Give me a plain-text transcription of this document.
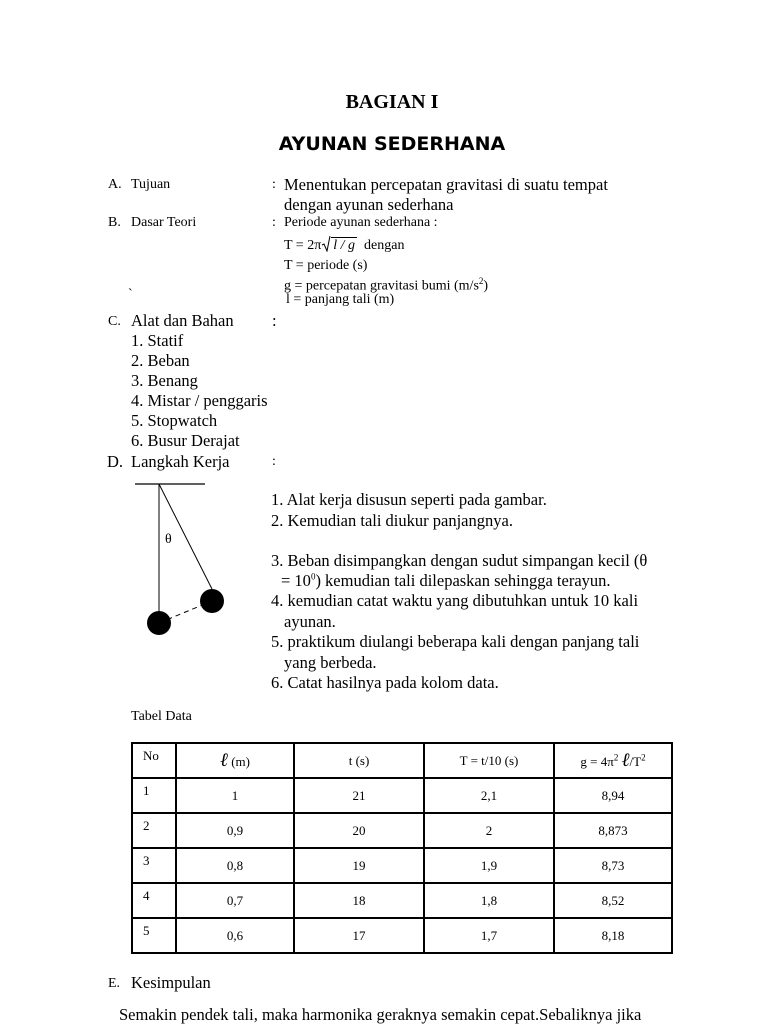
BAGIAN I
AYUNAN SEDERHANA
A. Tujuan	: Menentukan percepatan gravitasi di suatu tempat
dengan ayunan sederhana
B. Dasar Teori	: Periode ayunan sederhana :
T = 2π l / g dengan
T = periode (s)
g = percepatan gravitasi bumi $(m/s^2)$
`	l = panjang tali (m)
C. Alat dan Bahan :
1. Statif
2. Beban
3. Benang
4. Mistar / penggaris
5. Stopwatch
6. Busur Derajat
D. Langkah Kerja	:
θ
1. Alat kerja disusun seperti pada gambar.
2. Kemudian tali diukur panjangnya.
3. Beban disimpangkan dengan sudut simpangan kecil (θ
= $10^0$) kemudian tali dilepaskan sehingga terayun.
4. kemudian catat waktu yang dibutuhkan untuk 10 kali
ayunan.
5. praktikum diulangi beberapa kali dengan panjang tali
yang berbeda.
6. Catat hasilnya pada kolom data.
Tabel Data
No	ℓ (m)	t (s)	T = t/10 (s)	$g = 4\pi^2$ $\ell/T^2$
1	1	21	2,1	8,94
2	0,9	20	2	8,873
3	0,8	19	1,9	8,73
4	0,7	18	1,8	8,52
5	0,6	17	1,7	8,18
E. Kesimpulan
Semakin pendek tali, maka harmonika geraknya semakin cepat.Sebaliknya jika
